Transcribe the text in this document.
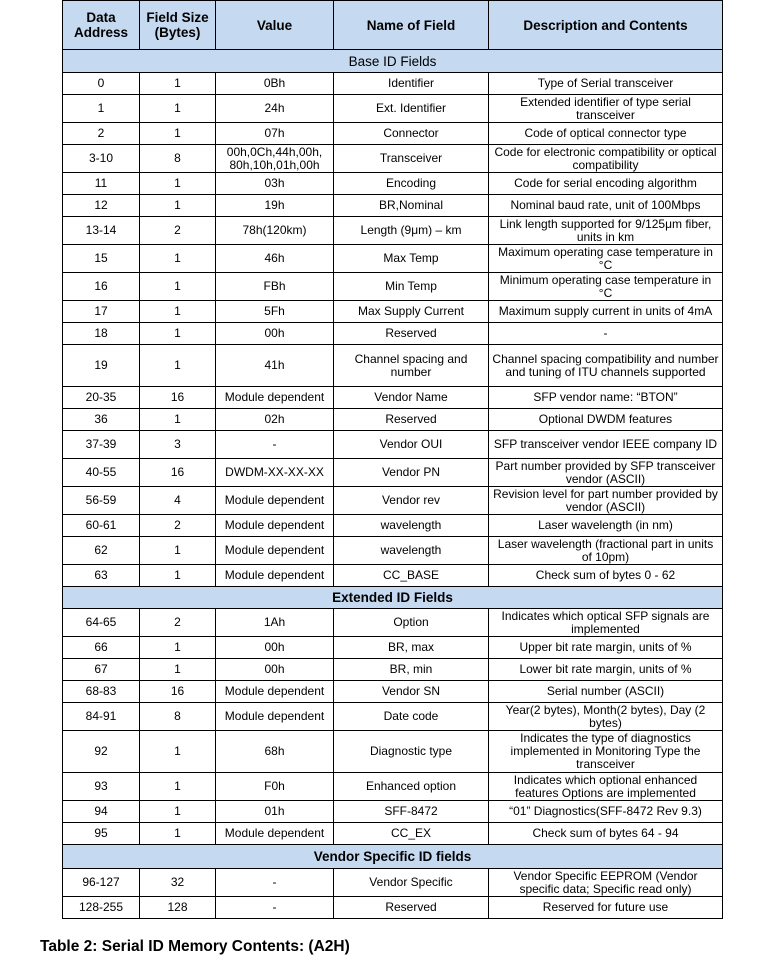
Data Address	Field Size (Bytes)	Value	Name of Field	Description and Contents
Base ID Fields				
0	1	0Bh	Identifier	Type of Serial transceiver
1	1	24h	Ext. Identifier	Extended identifier of type serial transceiver
2	1	07h	Connector	Code of optical connector type
3-10	8	00h,0Ch,44h,00h, 80h,10h,01h,00h	Transceiver	Code for electronic compatibility or optical compatibility
11	1	03h	Encoding	Code for serial encoding algorithm
12	1	19h	BR,Nominal	Nominal baud rate, unit of 100Mbps
13-14	2	78h(120km)	Length (9μm) – km	Link length supported for 9/125μm fiber, units in km
15	1	46h	Max Temp	Maximum operating case temperature in °C
16	1	FBh	Min Temp	Minimum operating case temperature in °C
17	1	5Fh	Max Supply Current	Maximum supply current in units of 4mA
18	1	00h	Reserved	-
19	1	41h	Channel spacing and number	Channel spacing compatibility and number and tuning of ITU channels supported
20-35	16	Module dependent	Vendor Name	SFP vendor name: “BTON”
36	1	02h	Reserved	Optional DWDM features
37-39	3	-	Vendor OUI	SFP transceiver vendor IEEE company ID
40-55	16	DWDM-XX-XX-XX	Vendor PN	Part number provided by SFP transceiver vendor (ASCII)
56-59	4	Module dependent	Vendor rev	Revision level for part number provided by vendor (ASCII)
60-61	2	Module dependent	wavelength	Laser wavelength (in nm)
62	1	Module dependent	wavelength	Laser wavelength (fractional part in units of 10pm)
63	1	Module dependent	CC_BASE	Check sum of bytes 0 - 62
Extended ID Fields				
64-65	2	1Ah	Option	Indicates which optical SFP signals are implemented
66	1	00h	BR, max	Upper bit rate margin, units of %
67	1	00h	BR, min	Lower bit rate margin, units of %
68-83	16	Module dependent	Vendor SN	Serial number (ASCII)
84-91	8	Module dependent	Date code	Year(2 bytes), Month(2 bytes), Day (2 bytes)
92	1	68h	Diagnostic type	Indicates the type of diagnostics implemented in Monitoring Type the transceiver
93	1	F0h	Enhanced option	Indicates which optional enhanced features Options are implemented
94	1	01h	SFF-8472	“01” Diagnostics(SFF-8472 Rev 9.3)
95	1	Module dependent	CC_EX	Check sum of bytes 64 - 94
Vendor Specific ID fields				
96-127	32	-	Vendor Specific	Vendor Specific EEPROM (Vendor specific data; Specific read only)
128-255	128	-	Reserved	Reserved for future use

Table 2: Serial ID Memory Contents: (A2H)
